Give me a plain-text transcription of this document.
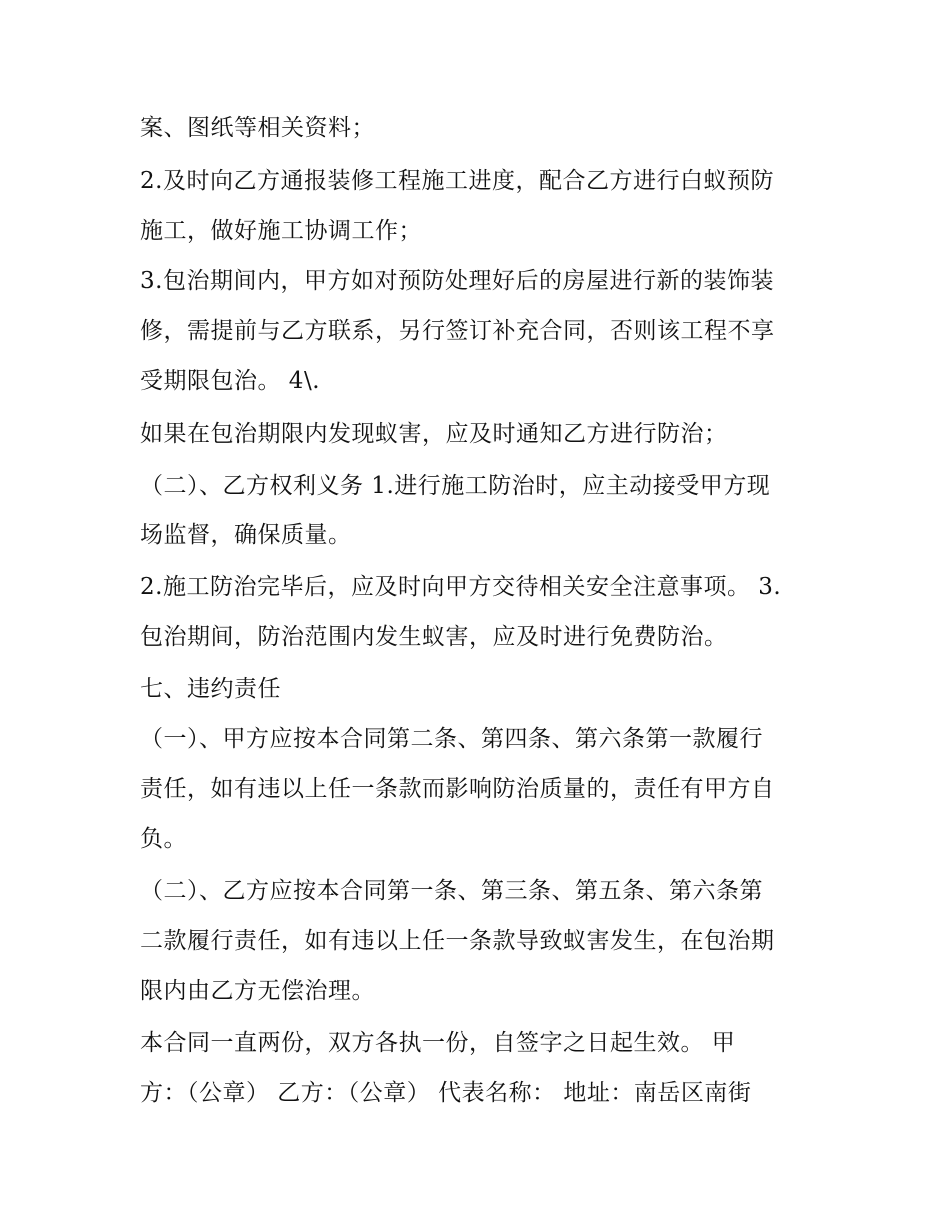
案、图纸等相关资料；
2.及时向乙方通报装修工程施工进度，配合乙方进行白蚁预防
施工，做好施工协调工作；
3.包治期间内，甲方如对预防处理好后的房屋进行新的装饰装
修，需提前与乙方联系，另行签订补充合同，否则该工程不享
受期限包治。 4\.
如果在包治期限内发现蚁害，应及时通知乙方进行防治；
（二）、乙方权利义务 1.进行施工防治时，应主动接受甲方现
场监督，确保质量。
2.施工防治完毕后，应及时向甲方交待相关安全注意事项。 3.
包治期间，防治范围内发生蚁害，应及时进行免费防治。
七、违约责任
（一）、甲方应按本合同第二条、第四条、第六条第一款履行
责任，如有违以上任一条款而影响防治质量的，责任有甲方自
负。
（二）、乙方应按本合同第一条、第三条、第五条、第六条第
二款履行责任，如有违以上任一条款导致蚁害发生，在包治期
限内由乙方无偿治理。
本合同一直两份，双方各执一份，自签字之日起生效。 甲
方：（公章） 乙方：（公章） 代表名称： 地址：南岳区南街
